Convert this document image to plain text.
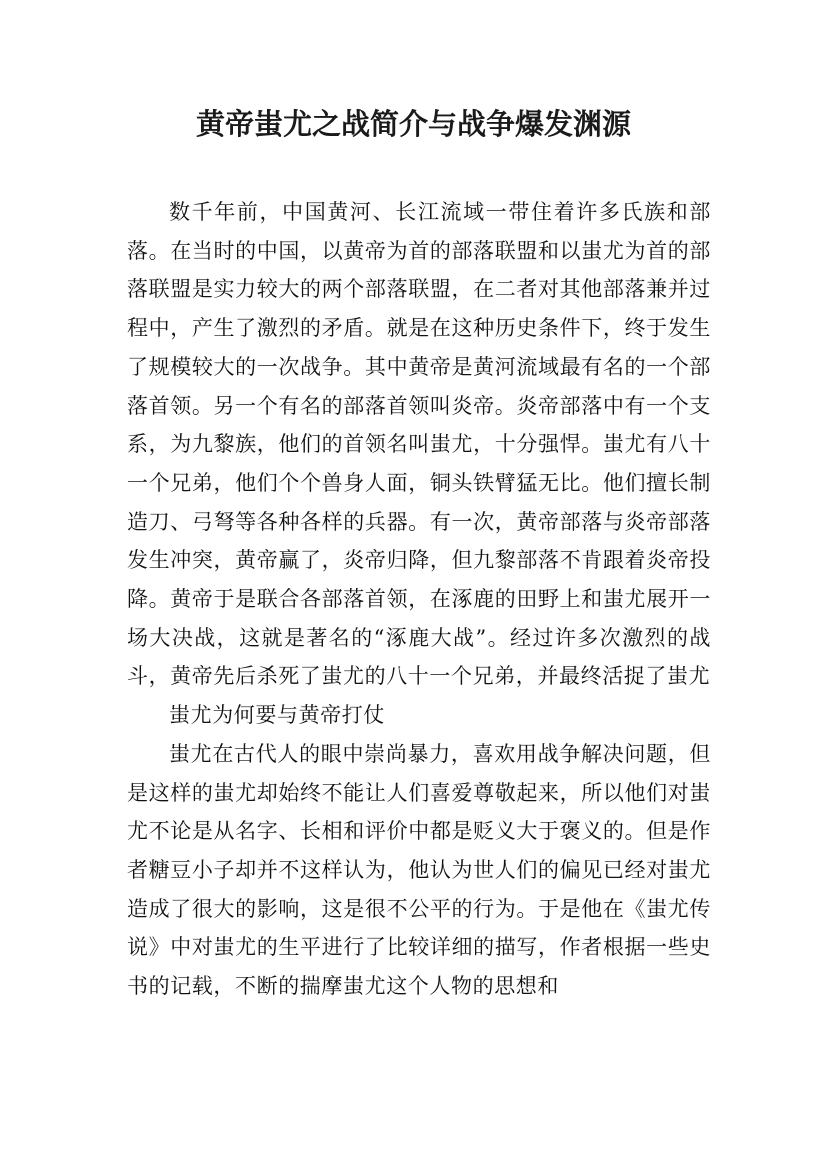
黄帝蚩尤之战简介与战争爆发渊源

数千年前，中国黄河、长江流域一带住着许多氏族和部落。在当时的中国，以黄帝为首的部落联盟和以蚩尤为首的部落联盟是实力较大的两个部落联盟，在二者对其他部落兼并过程中，产生了激烈的矛盾。就是在这种历史条件下，终于发生了规模较大的一次战争。其中黄帝是黄河流域最有名的一个部落首领。另一个有名的部落首领叫炎帝。炎帝部落中有一个支系，为九黎族，他们的首领名叫蚩尤，十分强悍。蚩尤有八十一个兄弟，他们个个兽身人面，铜头铁臂猛无比。他们擅长制造刀、弓弩等各种各样的兵器。有一次，黄帝部落与炎帝部落发生冲突，黄帝赢了，炎帝归降，但九黎部落不肯跟着炎帝投降。黄帝于是联合各部落首领，在涿鹿的田野上和蚩尤展开一场大决战，这就是著名的“涿鹿大战”。经过许多次激烈的战斗，黄帝先后杀死了蚩尤的八十一个兄弟，并最终活捉了蚩尤

蚩尤为何要与黄帝打仗

蚩尤在古代人的眼中崇尚暴力，喜欢用战争解决问题，但是这样的蚩尤却始终不能让人们喜爱尊敬起来，所以他们对蚩尤不论是从名字、长相和评价中都是贬义大于褒义的。但是作者糖豆小子却并不这样认为，他认为世人们的偏见已经对蚩尤造成了很大的影响，这是很不公平的行为。于是他在《蚩尤传说》中对蚩尤的生平进行了比较详细的描写，作者根据一些史书的记载，不断的揣摩蚩尤这个人物的思想和
